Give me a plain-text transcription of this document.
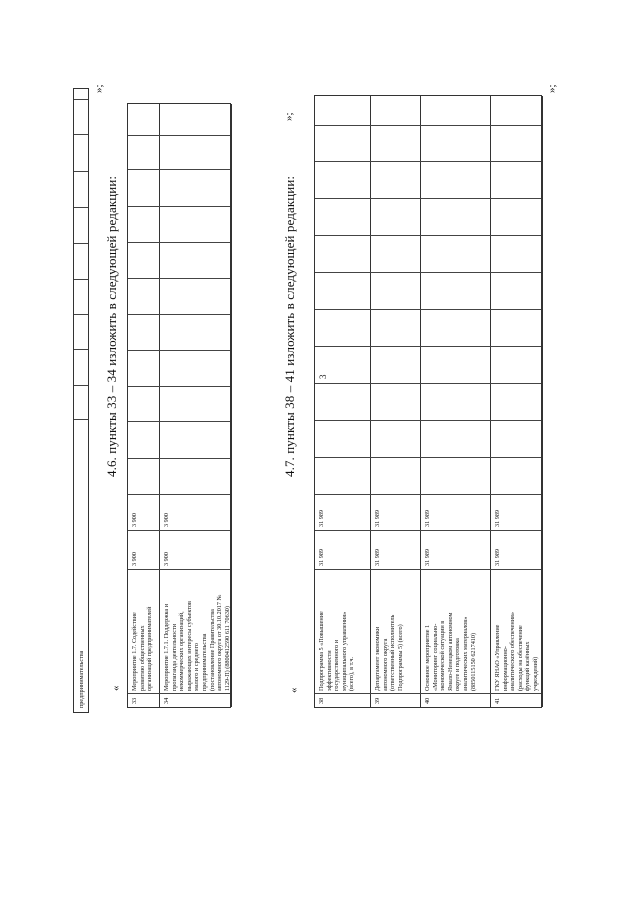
предпринимательства
»;
3
4.6. пункты 33 – 34 изложить в следующей редакции:
«
33
Мероприятие 1.7. Содействие развитию общественных организаций предпринимателей
3 900
3 900
34
Мероприятие 1.7.1. Поддержка и пропаганда деятельности некоммерческих организаций, выражающих интересы субъектов малого и среднего предпринимательства (постановление Правительства автономного округа от 30.10.2017 № 1129-П) (8800412590 611 70630)
3 900
3 900
»;
4.7. пункты 38 – 41 изложить в следующей редакции:
«
38
Подпрограмма 5 «Повышение эффективности государственного и муниципального управления» (всего), в т.ч.
31 989
31 989
39
Департамент экономики автономного округа (ответственный исполнитель Подпрограммы 5) (всего)
31 989
31 989
40
Основное мероприятие 1 «Мониторинг социально-экономической ситуации в Ямало-Ненецком автономном округе и подготовка аналитических материалов» (8850115150 6217410)
31 989
31 989
41
ГКУ ЯНАО «Управление информационно-аналитического обеспечения» (расходы на обеспечение функций казённых учреждений)
31 989
31 989
»;
